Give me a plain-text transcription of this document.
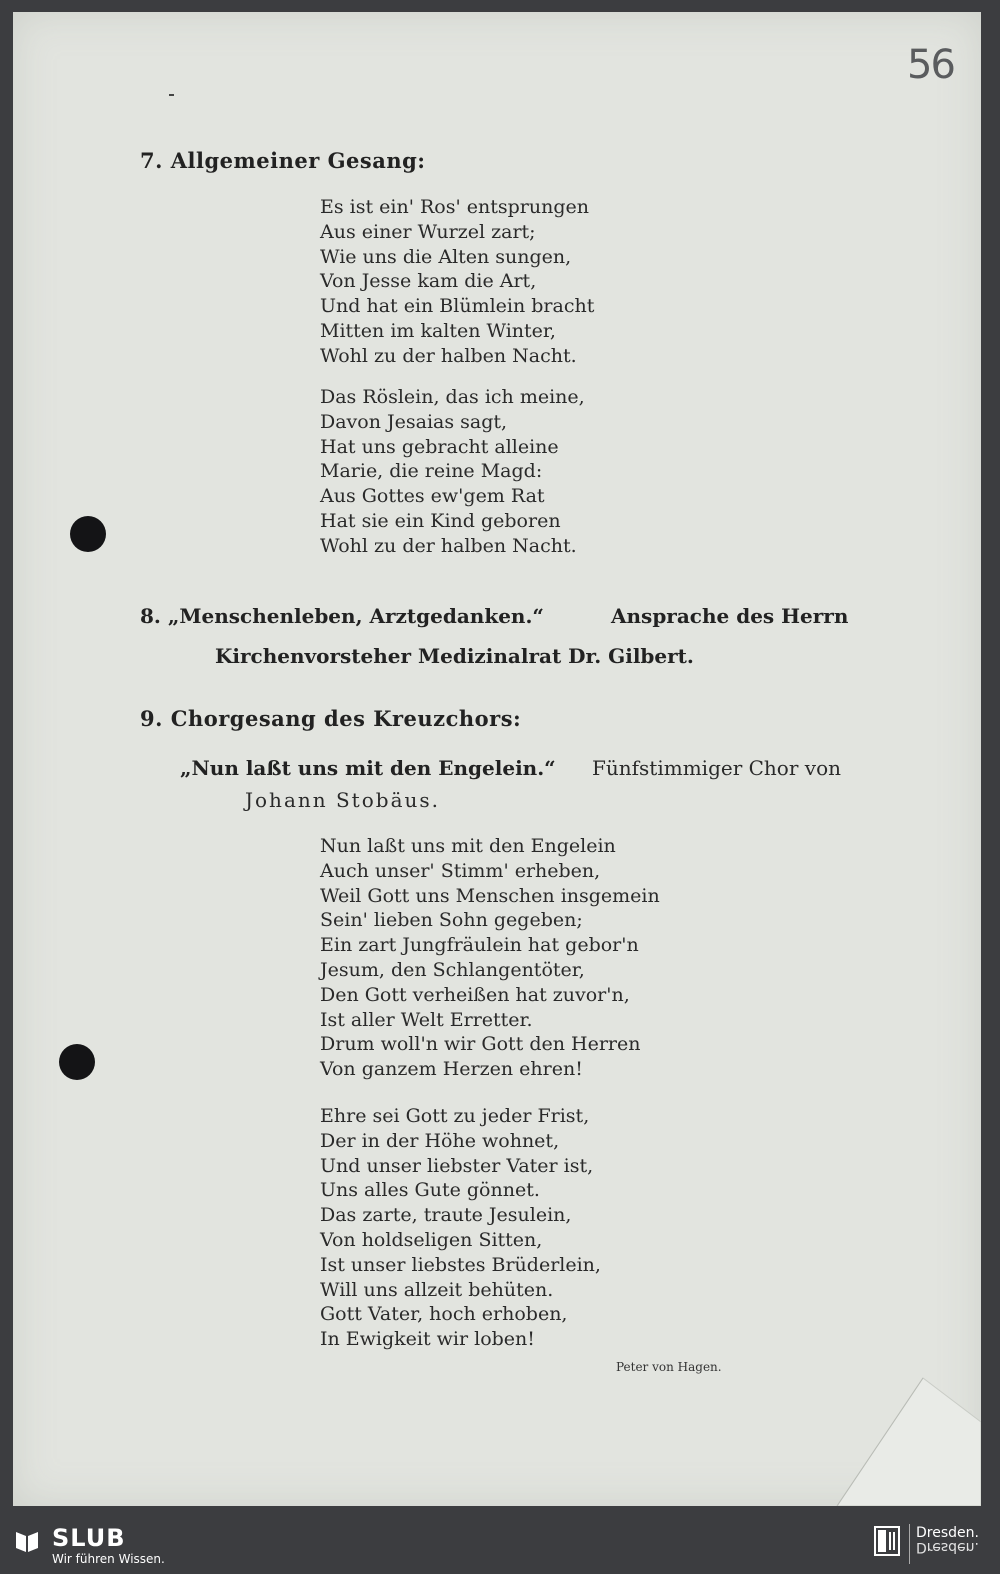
56
7. Allgemeiner Gesang:
Es ist ein' Ros' entsprungen
Aus einer Wurzel zart;
Wie uns die Alten sungen,
Von Jesse kam die Art,
Und hat ein Blümlein bracht
Mitten im kalten Winter,
Wohl zu der halben Nacht.
Das Röslein, das ich meine,
Davon Jesaias sagt,
Hat uns gebracht alleine
Marie, die reine Magd:
Aus Gottes ew'gem Rat
Hat sie ein Kind geboren
Wohl zu der halben Nacht.
8. „Menschenleben, Arztgedanken.“	Ansprache des Herrn
Kirchenvorsteher Medizinalrat Dr. Gilbert.
9. Chorgesang des Kreuzchors:
„Nun laßt uns mit den Engelein.“ Fünfstimmiger Chor von
Johann Stobäus.
Nun laßt uns mit den Engelein
Auch unser' Stimm' erheben,
Weil Gott uns Menschen insgemein
Sein' lieben Sohn gegeben;
Ein zart Jungfräulein hat gebor'n
Jesum, den Schlangentöter,
Den Gott verheißen hat zuvor'n,
Ist aller Welt Erretter.
Drum woll'n wir Gott den Herren
Von ganzem Herzen ehren!
Ehre sei Gott zu jeder Frist,
Der in der Höhe wohnet,
Und unser liebster Vater ist,
Uns alles Gute gönnet.
Das zarte, traute Jesulein,
Von holdseligen Sitten,
Ist unser liebstes Brüderlein,
Will uns allzeit behüten.
Gott Vater, hoch erhoben,
In Ewigkeit wir loben!
Peter von Hagen.
SLUB
Wir führen Wissen.
Dresden.
Dresden.
